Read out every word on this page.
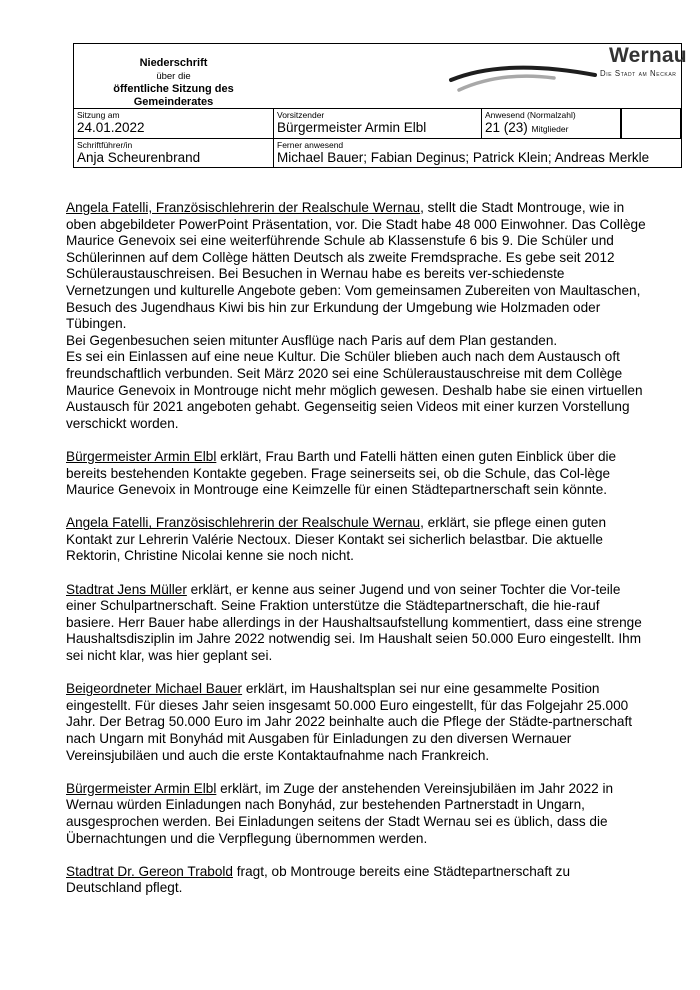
Niederschrift
über die
öffentliche Sitzung des
Gemeinderates
Wernau
Die Stadt am Neckar
Sitzung am
24.01.2022
Vorsitzender
Bürgermeister Armin Elbl
Anwesend (Normalzahl)
21 (23) Mitglieder
Schriftführer/in
Anja Scheurenbrand
Ferner anwesend
Michael Bauer; Fabian Deginus; Patrick Klein; Andreas Merkle
Angela Fatelli, Französischlehrerin der Realschule Wernau, stellt die Stadt Montrouge, wie in oben abgebildeter PowerPoint Präsentation, vor. Die Stadt habe 48 000 Einwohner. Das Collège Maurice Genevoix sei eine weiterführende Schule ab Klassenstufe 6 bis 9. Die Schüler und Schülerinnen auf dem Collège hätten Deutsch als zweite Fremdsprache. Es gebe seit 2012 Schüleraustauschreisen. Bei Besuchen in Wernau habe es bereits ver-schiedenste Vernetzungen und kulturelle Angebote geben: Vom gemeinsamen Zubereiten von Maultaschen, Besuch des Jugendhaus Kiwi bis hin zur Erkundung der Umgebung wie Holzmaden oder Tübingen.
Bei Gegenbesuchen seien mitunter Ausflüge nach Paris auf dem Plan gestanden.

Es sei ein Einlassen auf eine neue Kultur. Die Schüler blieben auch nach dem Austausch oft freundschaftlich verbunden. Seit März 2020 sei eine Schüleraustauschreise mit dem Collège Maurice Genevoix in Montrouge nicht mehr möglich gewesen. Deshalb habe sie einen virtuellen Austausch für 2021 angeboten gehabt. Gegenseitig seien Videos mit einer kurzen Vorstellung verschickt worden.

Bürgermeister Armin Elbl erklärt, Frau Barth und Fatelli hätten einen guten Einblick über die bereits bestehenden Kontakte gegeben. Frage seinerseits sei, ob die Schule, das Col-lège Maurice Genevoix in Montrouge eine Keimzelle für einen Städtepartnerschaft sein könnte.

Angela Fatelli, Französischlehrerin der Realschule Wernau, erklärt, sie pflege einen guten Kontakt zur Lehrerin Valérie Nectoux. Dieser Kontakt sei sicherlich belastbar. Die aktuelle Rektorin, Christine Nicolai kenne sie noch nicht.

Stadtrat Jens Müller erklärt, er kenne aus seiner Jugend und von seiner Tochter die Vor-teile einer Schulpartnerschaft. Seine Fraktion unterstütze die Städtepartnerschaft, die hie-rauf basiere. Herr Bauer habe allerdings in der Haushaltsaufstellung kommentiert, dass eine strenge Haushaltsdisziplin im Jahre 2022 notwendig sei. Im Haushalt seien 50.000 Euro eingestellt. Ihm sei nicht klar, was hier geplant sei.

Beigeordneter Michael Bauer erklärt, im Haushaltsplan sei nur eine gesammelte Position eingestellt. Für dieses Jahr seien insgesamt 50.000 Euro eingestellt, für das Folgejahr 25.000 Jahr. Der Betrag 50.000 Euro im Jahr 2022 beinhalte auch die Pflege der Städte-partnerschaft nach Ungarn mit Bonyhád mit Ausgaben für Einladungen zu den diversen Wernauer Vereinsjubiläen und auch die erste Kontaktaufnahme nach Frankreich.

Bürgermeister Armin Elbl erklärt, im Zuge der anstehenden Vereinsjubiläen im Jahr 2022 in Wernau würden Einladungen nach Bonyhád, zur bestehenden Partnerstadt in Ungarn, ausgesprochen werden. Bei Einladungen seitens der Stadt Wernau sei es üblich, dass die Übernachtungen und die Verpflegung übernommen werden.

Stadtrat Dr. Gereon Trabold fragt, ob Montrouge bereits eine Städtepartnerschaft zu Deutschland pflegt.
